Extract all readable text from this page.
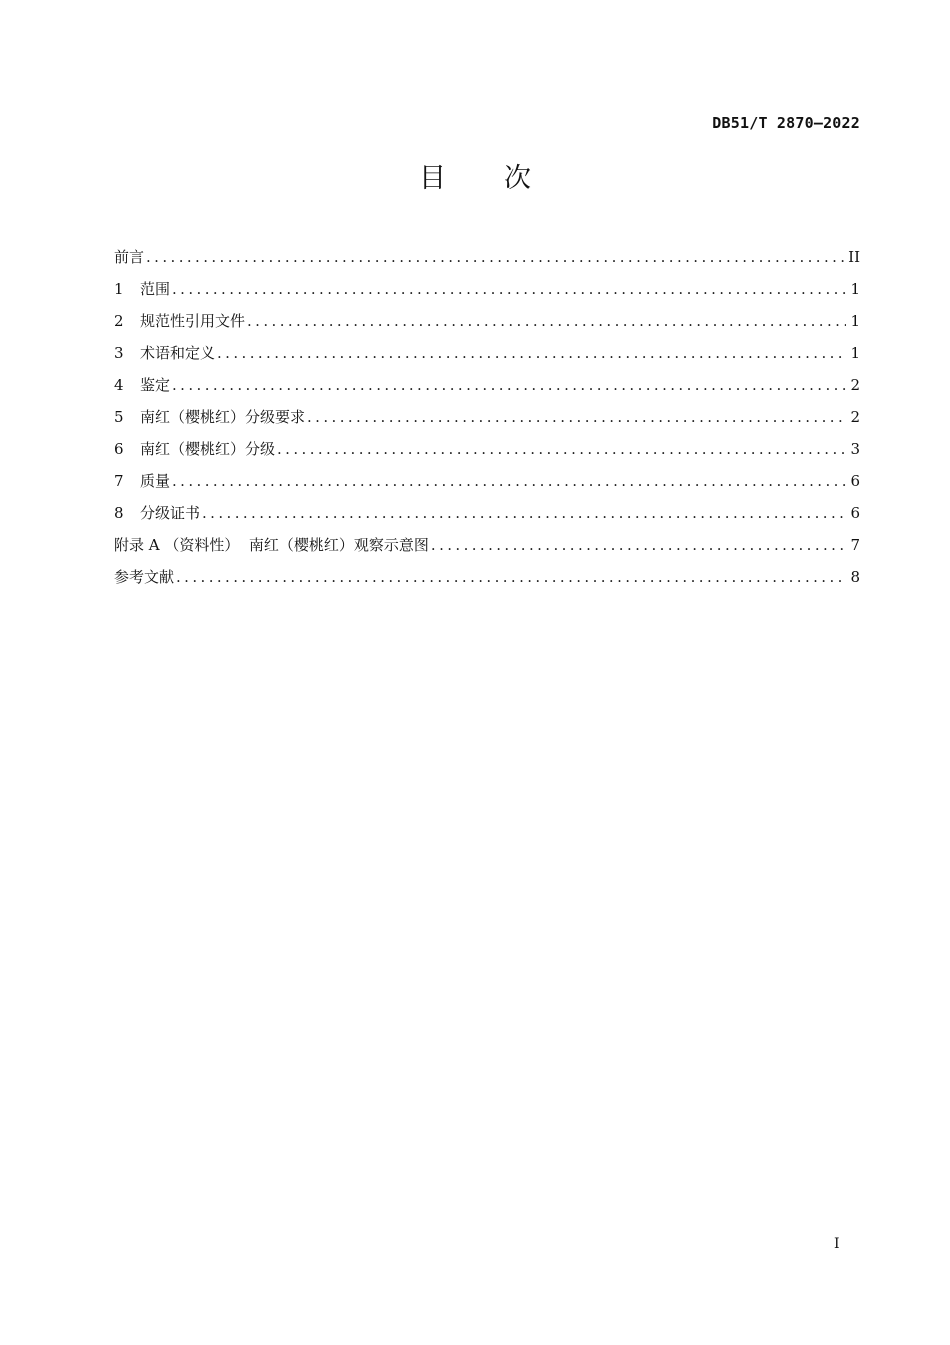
DB51/T 2870—2022
目次
前言 .....	II
1	范围 .....	1
2	规范性引用文件 .....	1
3	术语和定义 .....	1
4	鉴定 .....	2
5	南红（樱桃红）分级要求 .....	2
6	南红（樱桃红）分级 .....	3
7	质量 .....	6
8	分级证书 .....	6
附录 A （资料性）  南红（樱桃红）观察示意图 .....	7
参考文献 .....	8
I
